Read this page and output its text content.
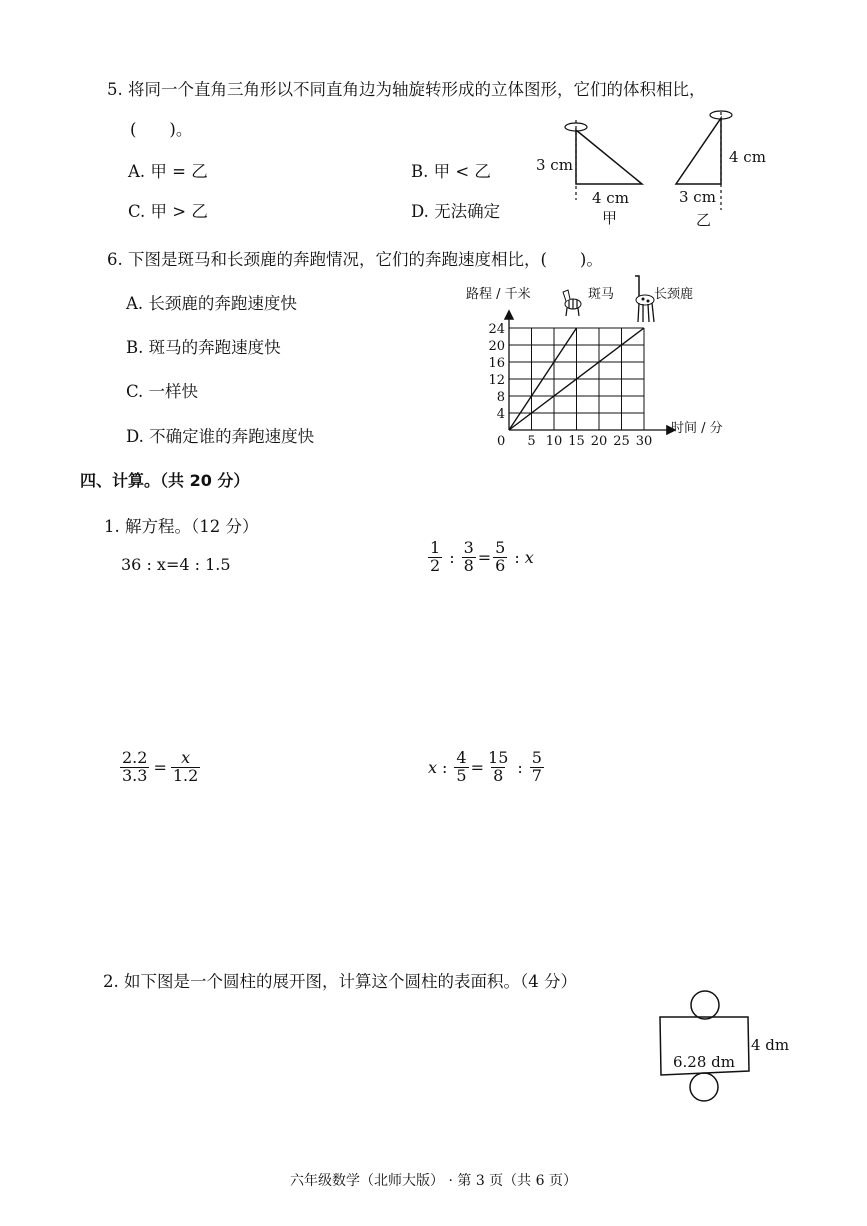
5. 将同一个直角三角形以不同直角边为轴旋转形成的立体图形，它们的体积相比，
(　　)。
A. 甲 = 乙	B. 甲 < 乙
C. 甲 > 乙	D. 无法确定
3 cm
4 cm
甲
4 cm
3 cm
乙
6. 下图是斑马和长颈鹿的奔跑情况，它们的奔跑速度相比，(　　)。
A. 长颈鹿的奔跑速度快
B. 斑马的奔跑速度快
C. 一样快
D. 不确定谁的奔跑速度快	0 5 10 15 20 25 30
4
8
12
16
20
24
路程 / 千米
时间 / 分
斑马	长颈鹿
四、计算。（共 20 分）
1. 解方程。（12 分）
36 : x=4 : 1.5	$\frac{1}{2}$ : $\frac{3}{8} = \frac{5}{6}$ : x
$\frac{2.2}{3.3} = \frac{x}{1.2}$	x : $\frac{4}{5} = \frac{15}{8}$ : $\frac{5}{7}$
2. 如下图是一个圆柱的展开图，计算这个圆柱的表面积。（4 分）
6.28 dm
4 dm
六年级数学（北师大版） · 第 3 页（共 6 页）
